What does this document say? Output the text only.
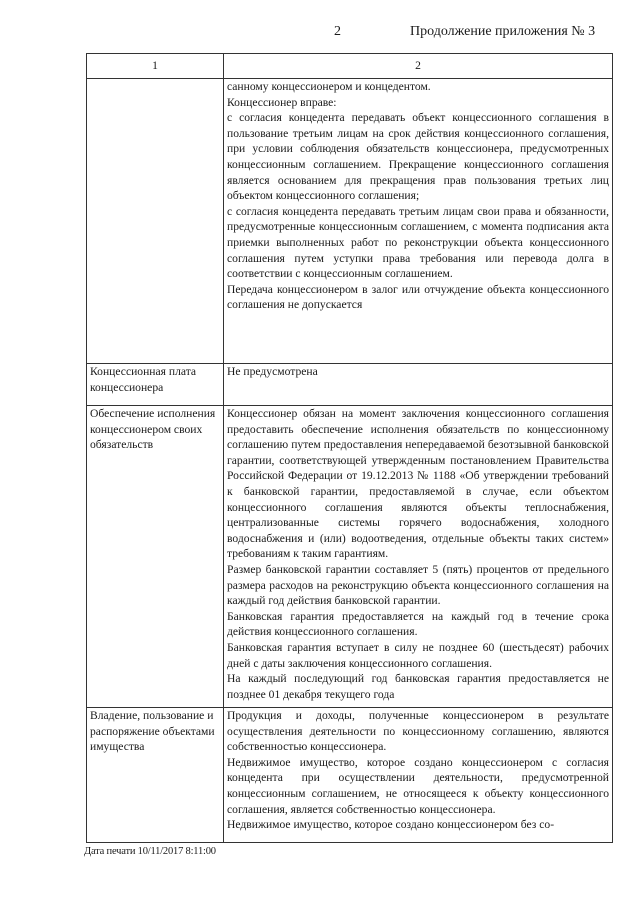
2	Продолжение приложения № 3
1	2

	санному концессионером и концедентом.

Концессионер вправе:

с согласия концедента передавать объект концессионного соглашения в пользование третьим лицам на срок действия концессионного соглашения, при условии соблюдения обязательств концессионера, предусмотренных концессионным соглашением. Прекращение концессионного соглашения является основанием для прекращения прав пользования третьих лиц объектом концессионного соглашения;

с согласия концедента передавать третьим лицам свои права и обязанности, предусмотренные концессионным соглашением, с момента подписания акта приемки выполненных работ по реконструкции объекта концессионного соглашения путем уступки права требования или перевода долга в соответствии с концессионным соглашением.

Передача концессионером в залог или отчуждение объекта концессионного соглашения не допускается

Концессионная плата концессионера	Не предусмотрена

Обеспечение исполнения концессионером своих обязательств	Концессионер обязан на момент заключения концессионного соглашения предоставить обеспечение исполнения обязательств по концессионному соглашению путем предоставления непередаваемой безотзывной банковской гарантии, соответствующей утвержденным постановлением Правительства Российской Федерации от 19.12.2013 № 1188 «Об утверждении требований к банковской гарантии, предоставляемой в случае, если объектом концессионного соглашения являются объекты теплоснабжения, централизованные системы горячего водоснабжения, холодного водоснабжения и (или) водоотведения, отдельные объекты таких систем» требованиям к таким гарантиям.

Размер банковской гарантии составляет 5 (пять) процентов от предельного размера расходов на реконструкцию объекта концессионного соглашения на каждый год действия банковской гарантии.

Банковская гарантия предоставляется на каждый год в течение срока действия концессионного соглашения.

Банковская гарантия вступает в силу не позднее 60 (шестьдесят) рабочих дней с даты заключения концессионного соглашения.

На каждый последующий год банковская гарантия предоставляется не позднее 01 декабря текущего года

Владение, пользование и распоряжение объектами имущества	Продукция и доходы, полученные концессионером в результате осуществления деятельности по концессионному соглашению, являются собственностью концессионера.

Недвижимое имущество, которое создано концессионером с согласия концедента при осуществлении деятельности, предусмотренной концессионным соглашением, не относящееся к объекту концессионного соглашения, является собственностью концессионера.

Недвижимое имущество, которое создано концессионером без со-

Дата печати 10/11/2017 8:11:00
